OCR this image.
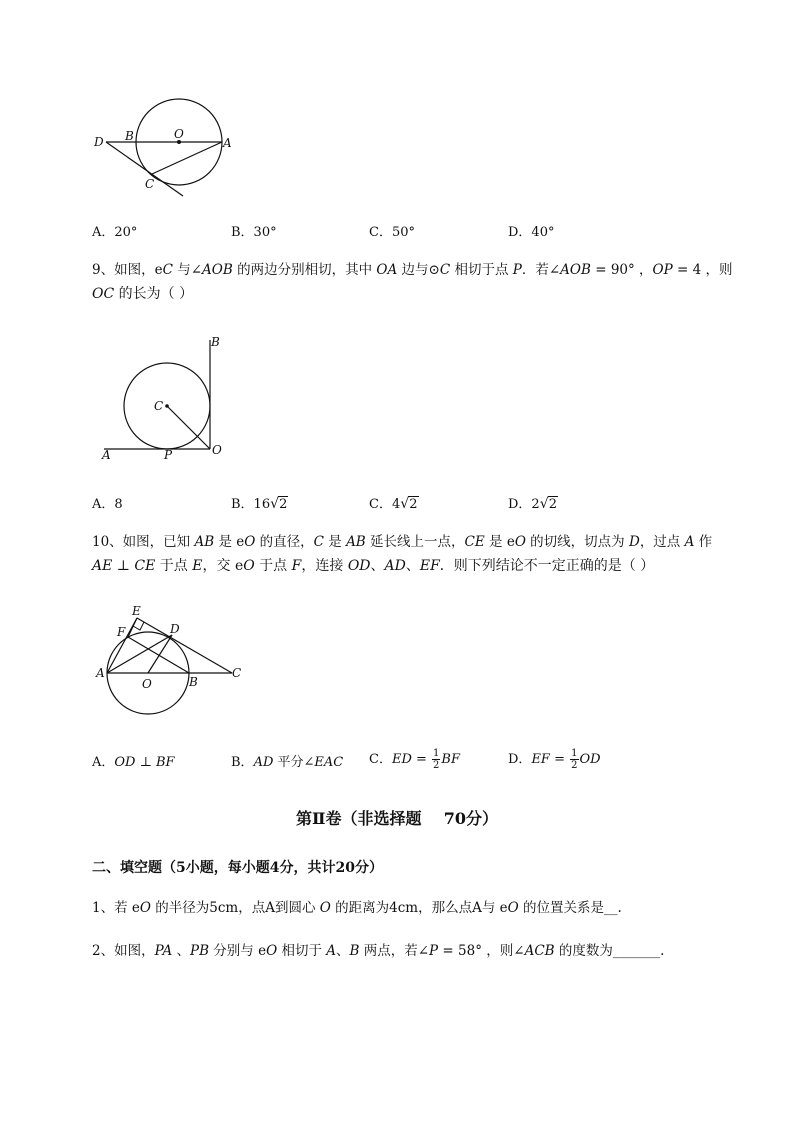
D B	O
A
C
A．20°	B．30°	C．50°	D．40°
9、如图，eC 与∠AOB 的两边分别相切，其中 OA 边与⊙C 相切于点 P．若∠AOB = 90° ，OP = 4 ，则
OC 的长为（ ）
B
C
A	P	O
A．8	B．16 √ 2	C．4 √ 2	D．2 √ 2
10、如图，已知 AB 是 eO 的直径，C 是 AB 延长线上一点，CE 是 eO 的切线，切点为 D，过点 A 作
AE ⊥ CE 于点 E，交 eO 于点 F，连接 OD、AD、EF．则下列结论不一定正确的是（ ）
E
F	D
A
O	B
C
A．OD ⊥ BF	B．AD 平分∠EAC C．ED = $\frac{1}{2}$ BF	D．EF = $\frac{1}{2}$ OD
第Ⅱ卷（非选择题    70分）
二、填空题（5小题，每小题4分，共计20分）
1、若 eO 的半径为5cm，点A到圆心 O 的距离为4cm，那么点A与 eO 的位置关系是__.
2、如图，PA 、PB 分别与 eO 相切于 A、B 两点，若∠P = 58° ，则∠ACB 的度数为_______.
